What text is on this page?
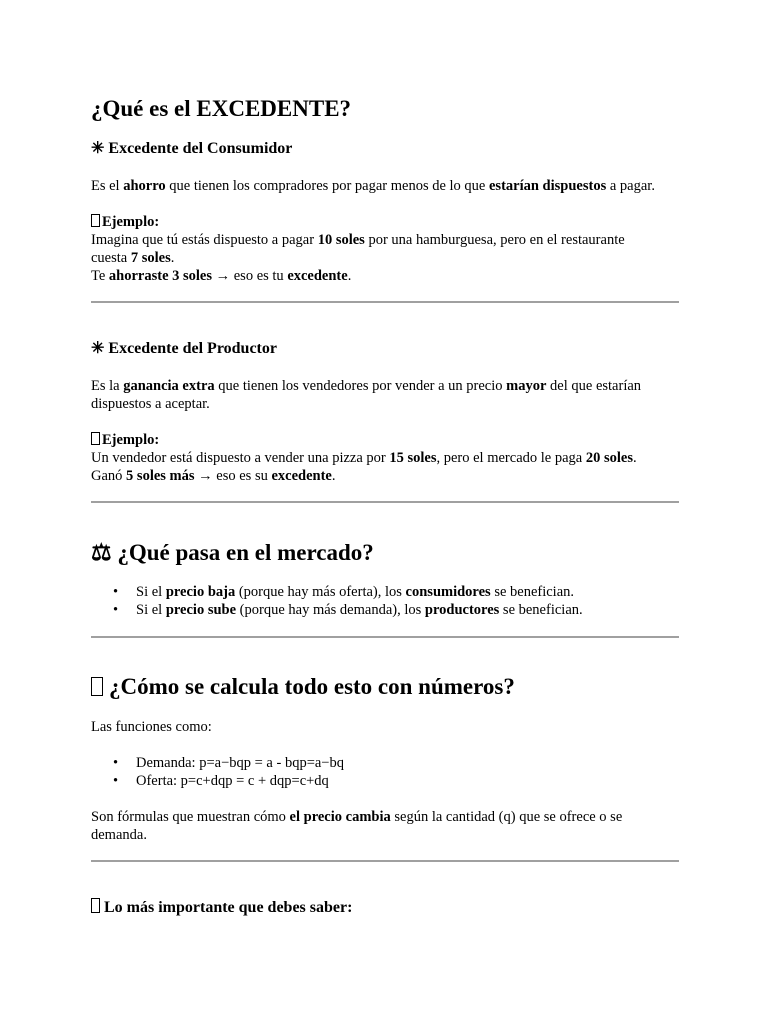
¿Qué es el EXCEDENTE?
✳ Excedente del Consumidor

Es el ahorro que tienen los compradores por pagar menos de lo que estarían dispuestos a pagar.

Ejemplo:

Imagina que tú estás dispuesto a pagar 10 soles por una hamburguesa, pero en el restaurante

cuesta 7 soles.

Te ahorraste 3 soles → eso es tu excedente.

✳ Excedente del Productor

Es la ganancia extra que tienen los vendedores por vender a un precio mayor del que estarían

dispuestos a aceptar.

Ejemplo:

Un vendedor está dispuesto a vender una pizza por 15 soles, pero el mercado le paga 20 soles.

Ganó 5 soles más → eso es su excedente.

⚖ ¿Qué pasa en el mercado?
• Si el precio baja (porque hay más oferta), los consumidores se benefician.
• Si el precio sube (porque hay más demanda), los productores se benefician.
¿Cómo se calcula todo esto con números?

Las funciones como:

• Demanda: p=a−bqp = a - bqp=a−bq
• Oferta: p=c+dqp = c + dqp=c+dq

Son fórmulas que muestran cómo el precio cambia según la cantidad (q) que se ofrece o se

demanda.

Lo más importante que debes saber:
